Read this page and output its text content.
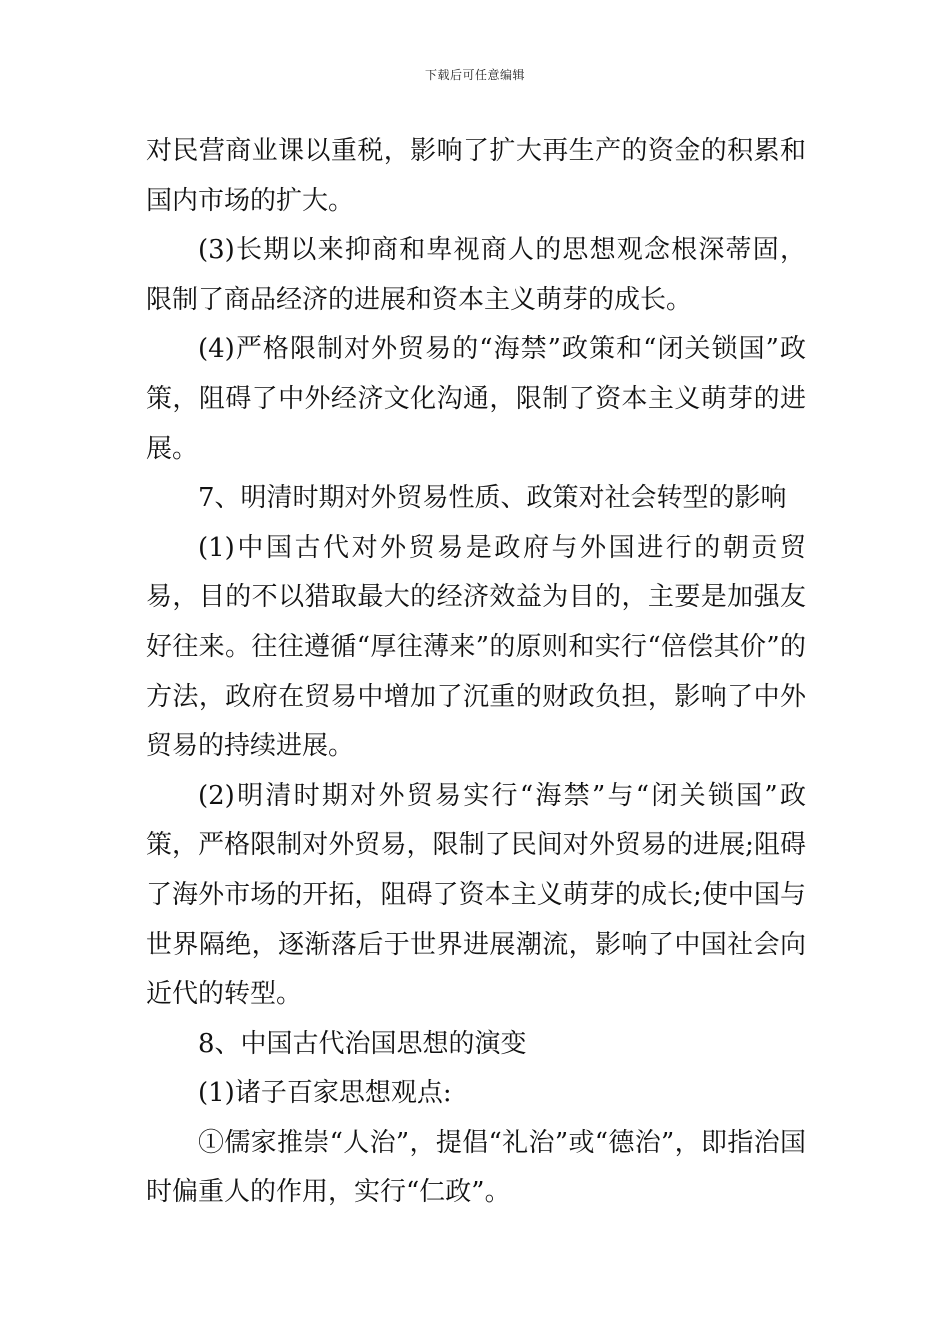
下载后可任意编辑

对民营商业课以重税，影响了扩大再生产的资金的积累和国内市场的扩大。

(3)长期以来抑商和卑视商人的思想观念根深蒂固，限制了商品经济的进展和资本主义萌芽的成长。

(4)严格限制对外贸易的“海禁”政策和“闭关锁国”政策，阻碍了中外经济文化沟通，限制了资本主义萌芽的进展。

7、明清时期对外贸易性质、政策对社会转型的影响

(1)中国古代对外贸易是政府与外国进行的朝贡贸易，目的不以猎取最大的经济效益为目的，主要是加强友好往来。往往遵循“厚往薄来”的原则和实行“倍偿其价”的方法，政府在贸易中增加了沉重的财政负担，影响了中外贸易的持续进展。

(2)明清时期对外贸易实行“海禁”与“闭关锁国”政策，严格限制对外贸易，限制了民间对外贸易的进展;阻碍了海外市场的开拓，阻碍了资本主义萌芽的成长;使中国与世界隔绝，逐渐落后于世界进展潮流，影响了中国社会向近代的转型。

8、中国古代治国思想的演变

(1)诸子百家思想观点:

①儒家推崇“人治”，提倡“礼治”或“德治”，即指治国时偏重人的作用，实行“仁政”。
